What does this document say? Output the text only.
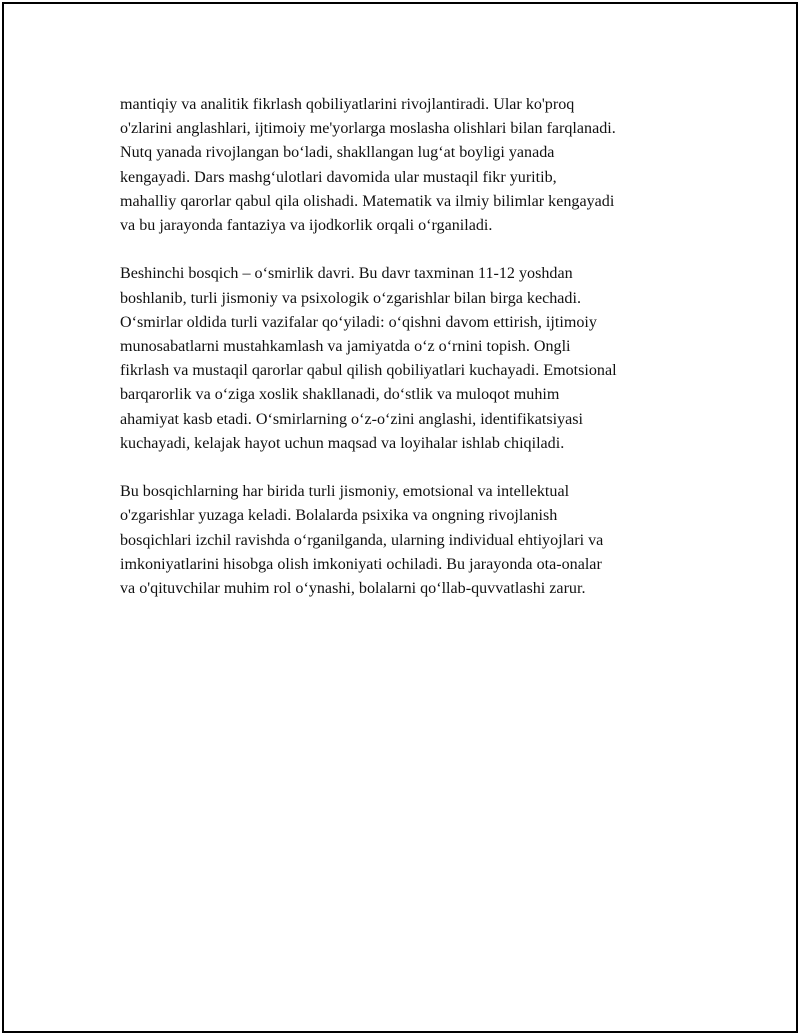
mantiqiy va analitik fikrlash qobiliyatlarini rivojlantiradi. Ular ko'proq
o'zlarini anglashlari, ijtimoiy me'yorlarga moslasha olishlari bilan farqlanadi.
Nutq yanada rivojlangan bo‘ladi, shakllangan lug‘at boyligi yanada
kengayadi. Dars mashg‘ulotlari davomida ular mustaqil fikr yuritib,
mahalliy qarorlar qabul qila olishadi. Matematik va ilmiy bilimlar kengayadi
va bu jarayonda fantaziya va ijodkorlik orqali o‘rganiladi.

Beshinchi bosqich – o‘smirlik davri. Bu davr taxminan 11-12 yoshdan
boshlanib, turli jismoniy va psixologik o‘zgarishlar bilan birga kechadi.
O‘smirlar oldida turli vazifalar qo‘yiladi: o‘qishni davom ettirish, ijtimoiy
munosabatlarni mustahkamlash va jamiyatda o‘z o‘rnini topish. Ongli
fikrlash va mustaqil qarorlar qabul qilish qobiliyatlari kuchayadi. Emotsional
barqarorlik va o‘ziga xoslik shakllanadi, do‘stlik va muloqot muhim
ahamiyat kasb etadi. O‘smirlarning o‘z-o‘zini anglashi, identifikatsiyasi
kuchayadi, kelajak hayot uchun maqsad va loyihalar ishlab chiqiladi.

Bu bosqichlarning har birida turli jismoniy, emotsional va intellektual
o'zgarishlar yuzaga keladi. Bolalarda psixika va ongning rivojlanish
bosqichlari izchil ravishda o‘rganilganda, ularning individual ehtiyojlari va
imkoniyatlarini hisobga olish imkoniyati ochiladi. Bu jarayonda ota-onalar
va o'qituvchilar muhim rol o‘ynashi, bolalarni qo‘llab-quvvatlashi zarur.
